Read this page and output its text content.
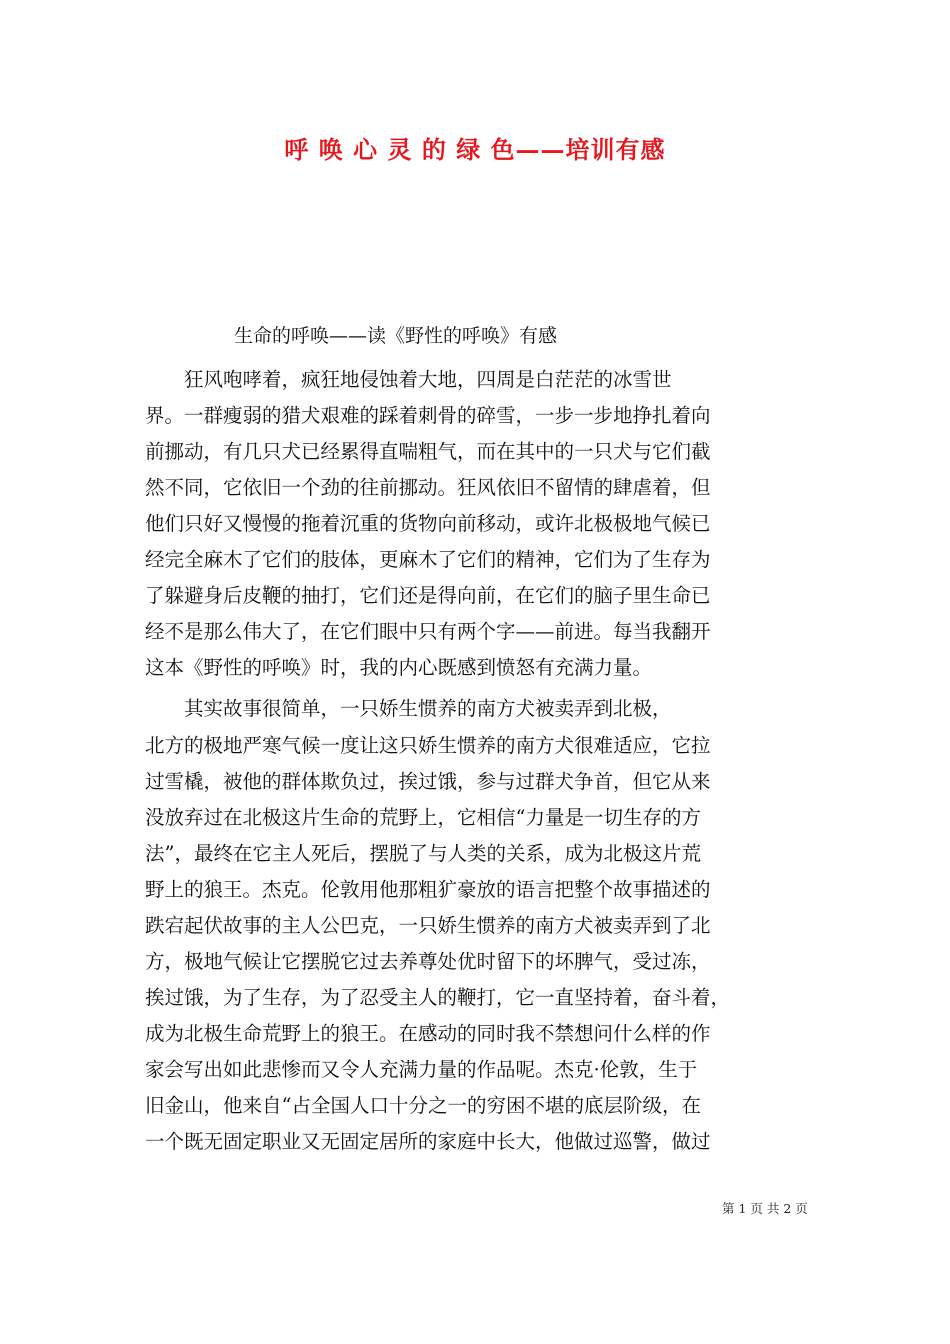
呼 唤 心 灵 的 绿 色——培训有感
生命的呼唤——读《野性的呼唤》有感
　　狂风咆哮着，疯狂地侵蚀着大地，四周是白茫茫的冰雪世
界。一群瘦弱的猎犬艰难的踩着刺骨的碎雪，一步一步地挣扎着向
前挪动，有几只犬已经累得直喘粗气，而在其中的一只犬与它们截
然不同，它依旧一个劲的往前挪动。狂风依旧不留情的肆虐着，但
他们只好又慢慢的拖着沉重的货物向前移动，或许北极极地气候已
经完全麻木了它们的肢体，更麻木了它们的精神，它们为了生存为
了躲避身后皮鞭的抽打，它们还是得向前，在它们的脑子里生命已
经不是那么伟大了，在它们眼中只有两个字——前进。每当我翻开
这本《野性的呼唤》时，我的内心既感到愤怒有充满力量。
　　其实故事很简单，一只娇生惯养的南方犬被卖弄到北极，
北方的极地严寒气候一度让这只娇生惯养的南方犬很难适应，它拉
过雪橇，被他的群体欺负过，挨过饿，参与过群犬争首，但它从来
没放弃过在北极这片生命的荒野上，它相信“力量是一切生存的方
法”，最终在它主人死后，摆脱了与人类的关系，成为北极这片荒
野上的狼王。杰克。伦敦用他那粗犷豪放的语言把整个故事描述的
跌宕起伏故事的主人公巴克，一只娇生惯养的南方犬被卖弄到了北
方，极地气候让它摆脱它过去养尊处优时留下的坏脾气，受过冻，
挨过饿，为了生存，为了忍受主人的鞭打，它一直坚持着，奋斗着，
成为北极生命荒野上的狼王。在感动的同时我不禁想问什么样的作
家会写出如此悲惨而又令人充满力量的作品呢。杰克·伦敦，生于
旧金山，他来自“占全国人口十分之一的穷困不堪的底层阶级，在
一个既无固定职业又无固定居所的家庭中长大，他做过巡警，做过
第 1 页 共 2 页
